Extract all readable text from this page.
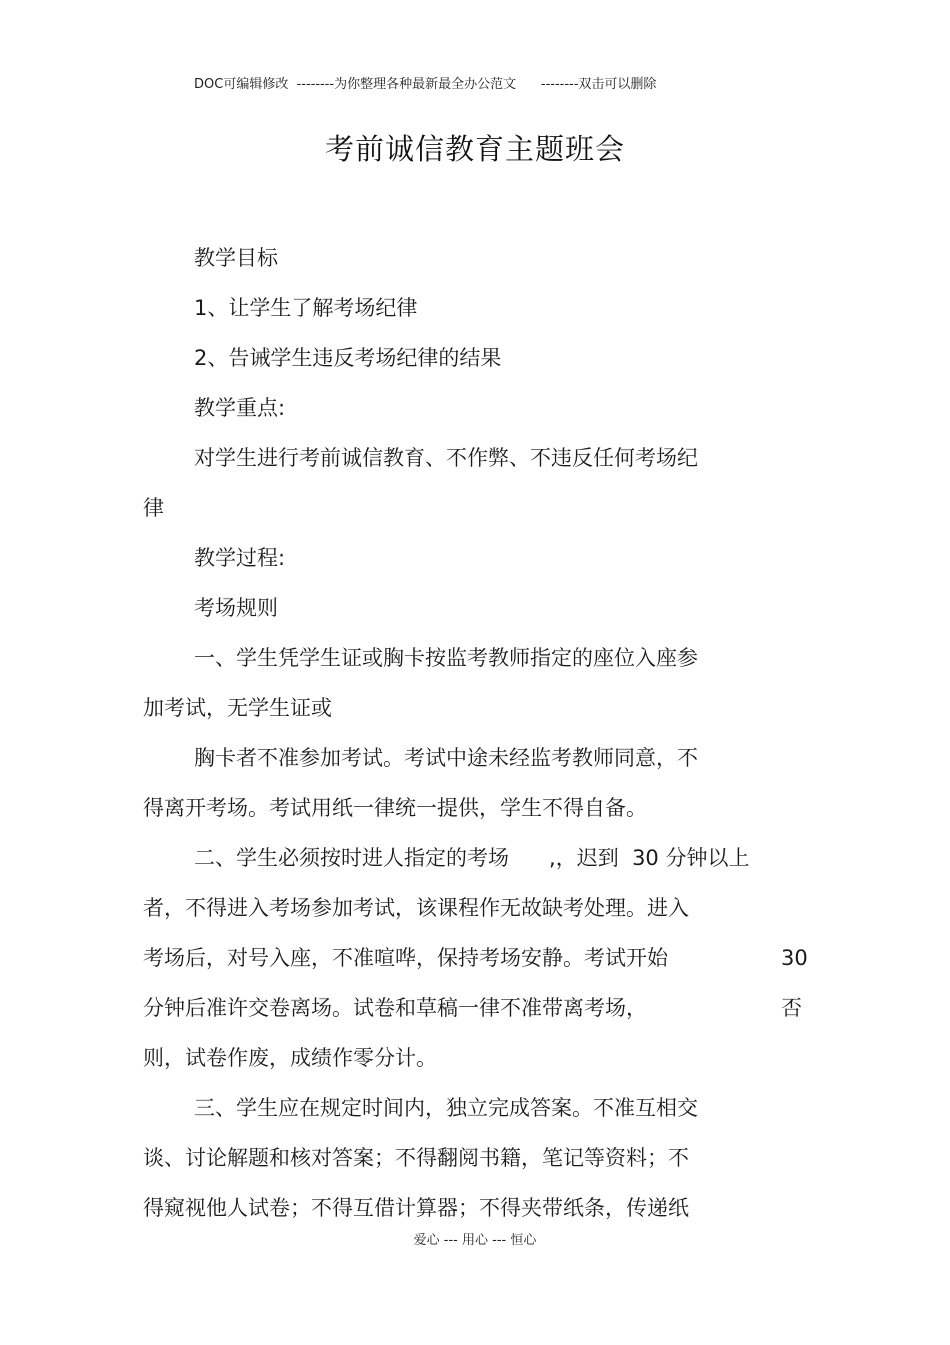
DOC可编辑修改  --------为你整理各种最新最全办公范文      --------双击可以删除
考前诚信教育主题班会
教学目标
1、让学生了解考场纪律
2、告诫学生违反考场纪律的结果
教学重点:
对学生进行考前诚信教育、不作弊、不违反任何考场纪
律
教学过程:
考场规则
一、学生凭学生证或胸卡按监考教师指定的座位入座参
加考试，无学生证或
胸卡者不准参加考试。考试中途未经监考教师同意，不
得离开考场。考试用纸一律统一提供，学生不得自备。
二、学生必须按时进人指定的考场      ,，迟到  30 分钟以上
者，不得进入考场参加考试，该课程作无故缺考处理。进入
考场后，对号入座，不准喧哗，保持考场安静。考试开始	30
分钟后准许交卷离场。试卷和草稿一律不准带离考场，	否
则，试卷作废，成绩作零分计。
三、学生应在规定时间内，独立完成答案。不准互相交
谈、讨论解题和核对答案；不得翻阅书籍，笔记等资料；不
得窥视他人试卷；不得互借计算器；不得夹带纸条，传递纸
爱心 --- 用心 --- 恒心
